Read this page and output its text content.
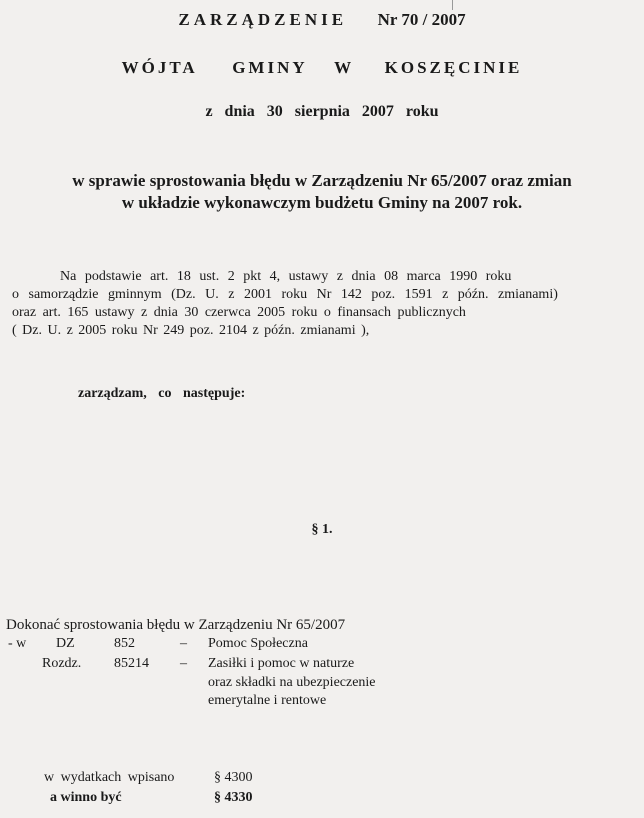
ZARZĄDZENIE Nr 70 / 2007
WÓJTA GMINY W KOSZĘCINIE
z dnia 30 sierpnia 2007 roku
w sprawie sprostowania błędu w Zarządzeniu Nr 65/2007 oraz zmian
w układzie wykonawczym budżetu Gminy na 2007 rok.
Na podstawie art. 18 ust. 2 pkt 4, ustawy z dnia 08 marca 1990 roku
o samorządzie gminnym (Dz. U. z 2001 roku Nr 142 poz. 1591 z późn. zmianami)
oraz art. 165 ustawy z dnia 30 czerwca 2005 roku o finansach publicznych
( Dz. U. z 2005 roku Nr 249 poz. 2104 z późn. zmianami ),
zarządzam, co następuje:
§ 1.
Dokonać sprostowania błędu w Zarządzeniu Nr 65/2007
- w DZ	852	– Pomoc Społeczna
Rozdz. 85214 – Zasiłki i pomoc w naturze
oraz składki na ubezpieczenie
emerytalne i rentowe
w wydatkach wpisano	§ 4300
a winno być	§ 4330
